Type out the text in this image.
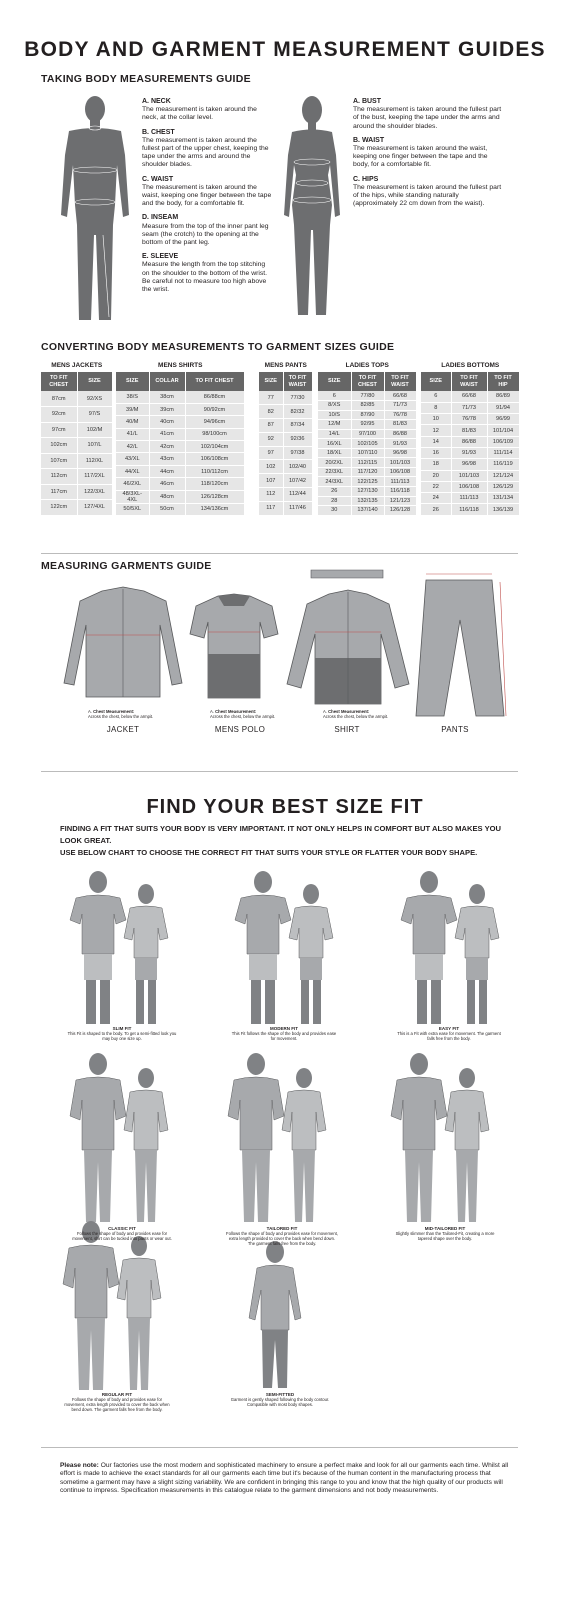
BODY AND GARMENT MEASUREMENT GUIDES
TAKING BODY MEASUREMENTS GUIDE
A. NECK
The measurement is taken around the neck, at the collar level.
B. CHEST
The measurement is taken around the fullest part of the upper chest, keeping the tape under the arms and around the shoulder blades.
C. WAIST
The measurement is taken around the waist, keeping one finger between the tape and the body, for a comfortable fit.
D. INSEAM
Measure from the top of the inner pant leg seam (the crotch) to the opening at the bottom of the pant leg.
E. SLEEVE
Measure the length from the top stitching on the shoulder to the bottom of the wrist. Be careful not to measure too high above the wrist.
A. BUST
The measurement is taken around the fullest part of the bust, keeping the tape under the arms and around the shoulder blades.
B. WAIST
The measurement is taken around the waist, keeping one finger between the tape and the body, for a comfortable fit.
C. HIPS
The measurement is taken around the fullest part of the hips, while standing naturally (approximately 22 cm down from the waist).
CONVERTING BODY MEASUREMENTS TO GARMENT SIZES GUIDE
MENS JACKETS
TO FIT CHEST	SIZE
87cm	92/XS
92cm	97/S
97cm	102/M
102cm	107/L
107cm	112/XL
112cm	117/2XL
117cm	122/3XL
122cm	127/4XL
MENS SHIRTS
SIZE	COLLAR	TO FIT CHEST
38/S	38cm	86/88cm
39/M	39cm	90/92cm
40/M	40cm	94/96cm
41/L	41cm	98/100cm
42/L	42cm	102/104cm
43/XL	43cm	106/108cm
44/XL	44cm	110/112cm
46/2XL	46cm	118/120cm
48/3XL-4XL	48cm	126/128cm
50/5XL	50cm	134/136cm
MENS PANTS
SIZE	TO FIT WAIST
77	77/30
82	82/32
87	87/34
92	92/36
97	97/38
102	102/40
107	107/42
112	112/44
117	117/46
LADIES TOPS
SIZE	TO FIT CHEST	TO FIT WAIST
6	77/80	66/68
8/XS	82/85	71/73
10/S	87/90	76/78
12/M	92/95	81/83
14/L	97/100	86/88
16/XL	102/105	91/93
18/XL	107/110	96/98
20/2XL	112/115	101/103
22/3XL	117/120	106/108
24/3XL	122/125	111/113
26	127/130	116/118
28	132/135	121/123
30	137/140	126/128
LADIES BOTTOMS
SIZE	TO FIT WAIST	TO FIT HIP
6	66/68	86/89
8	71/73	91/94
10	76/78	96/99
12	81/83	101/104
14	86/88	106/109
16	91/93	111/114
18	96/98	116/119
20	101/103	121/124
22	106/108	126/129
24	111/113	131/134
26	116/118	136/139
MEASURING GARMENTS GUIDE
A. Chest Measurement:
Across the chest, below the armpit.
JACKET
A. Chest Measurement:
Across the chest, below the armpit.
MENS POLO
A. Chest Measurement:
Across the chest, below the armpit.
SHIRT	PANTS
FIND YOUR BEST SIZE FIT
FINDING A FIT THAT SUITS YOUR BODY IS VERY IMPORTANT. IT NOT ONLY HELPS IN COMFORT BUT ALSO MAKES YOU LOOK GREAT.
USE BELOW CHART TO CHOOSE THE CORRECT FIT THAT SUITS YOUR STYLE OR FLATTER YOUR BODY SHAPE.
SLIM FIT
This Fit is shaped to the body. To get a semi-fitted look you may buy one size up.
MODERN FIT
This Fit follows the shape of the body and provides ease for movement.
EASY FIT
This is a Fit with extra ease for movement. The garment falls free from the body.
CLASSIC FIT
Follows the shape of body and provides ease for movement, shirt can be tucked into pants or wear out.
TAILORED FIT
Follows the shape of body and provides ease for movement, extra length provided to cover the back when bend down. The garment falls free from the body.
MID-TAILORED FIT
Slightly slimmer than the Tailored-Fit, creating a more tapered shape over the body.
REGULAR FIT
Follows the shape of body and provides ease for movement, extra length provided to cover the back when bend down. The garment falls free from the body.
SEMI-FITTED
Garment is gently shaped following the body contour. Compatible with most body shapes.
Please note: Our factories use the most modern and sophisticated machinery to ensure a perfect make and look for all our garments each time. Whilst all effort is made to achieve the exact standards for all our garments each time but it's because of the human content in the manufacturing process that sometime a garment may have a slight sizing variability. We are confident in bringing this range to you and know that the high quality of our products will continue to impress. Specification measurements in this catalogue relate to the garment dimensions and not body measurements.
